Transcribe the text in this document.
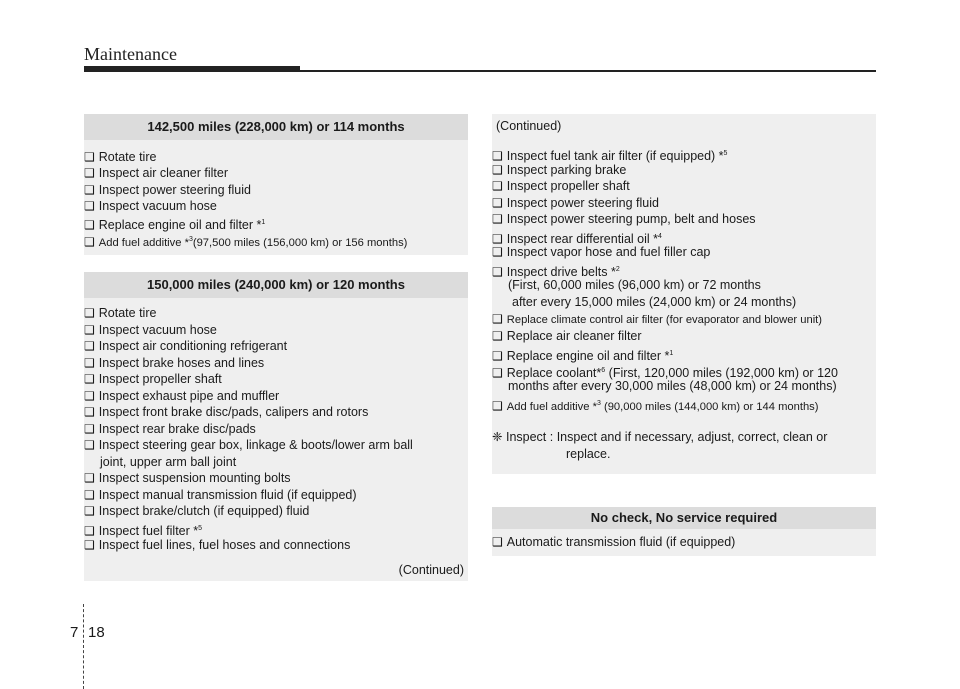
Maintenance
142,500 miles (228,000 km) or 114 months
❑ Rotate tire
❑ Inspect air cleaner filter
❑ Inspect power steering fluid
❑ Inspect vacuum hose
❑ Replace engine oil and filter *$^1$
❑ Add fuel additive *$^3$(97,500 miles (156,000 km) or 156 months)
150,000 miles (240,000 km) or 120 months
❑ Rotate tire
❑ Inspect vacuum hose
❑ Inspect air conditioning refrigerant
❑ Inspect brake hoses and lines
❑ Inspect propeller shaft
❑ Inspect exhaust pipe and muffler
❑ Inspect front brake disc/pads, calipers and rotors
❑ Inspect rear brake disc/pads
❑ Inspect steering gear box, linkage & boots/lower arm ball
joint, upper arm ball joint
❑ Inspect suspension mounting bolts
❑ Inspect manual transmission fluid (if equipped)
❑ Inspect brake/clutch (if equipped) fluid
❑ Inspect fuel filter *$^5$
❑ Inspect fuel lines, fuel hoses and connections
(Continued)
(Continued)
❑ Inspect fuel tank air filter (if equipped) *$^5$
❑ Inspect parking brake
❑ Inspect propeller shaft
❑ Inspect power steering fluid
❑ Inspect power steering pump, belt and hoses
❑ Inspect rear differential oil *$^4$
❑ Inspect vapor hose and fuel filler cap
❑ Inspect drive belts *$^2$
(First, 60,000 miles (96,000 km) or 72 months
after every 15,000 miles (24,000 km) or 24 months)
❑ Replace climate control air filter (for evaporator and blower unit)
❑ Replace air cleaner filter
❑ Replace engine oil and filter *$^1$
❑ Replace coolant*$^6$ (First, 120,000 miles (192,000 km) or 120
months after every 30,000 miles (48,000 km) or 24 months)
❑ Add fuel additive *$^3$ (90,000 miles (144,000 km) or 144 months)
❈ Inspect : Inspect and if necessary, adjust, correct, clean or
replace.
No check, No service required
❑ Automatic transmission fluid (if equipped)
7 18
